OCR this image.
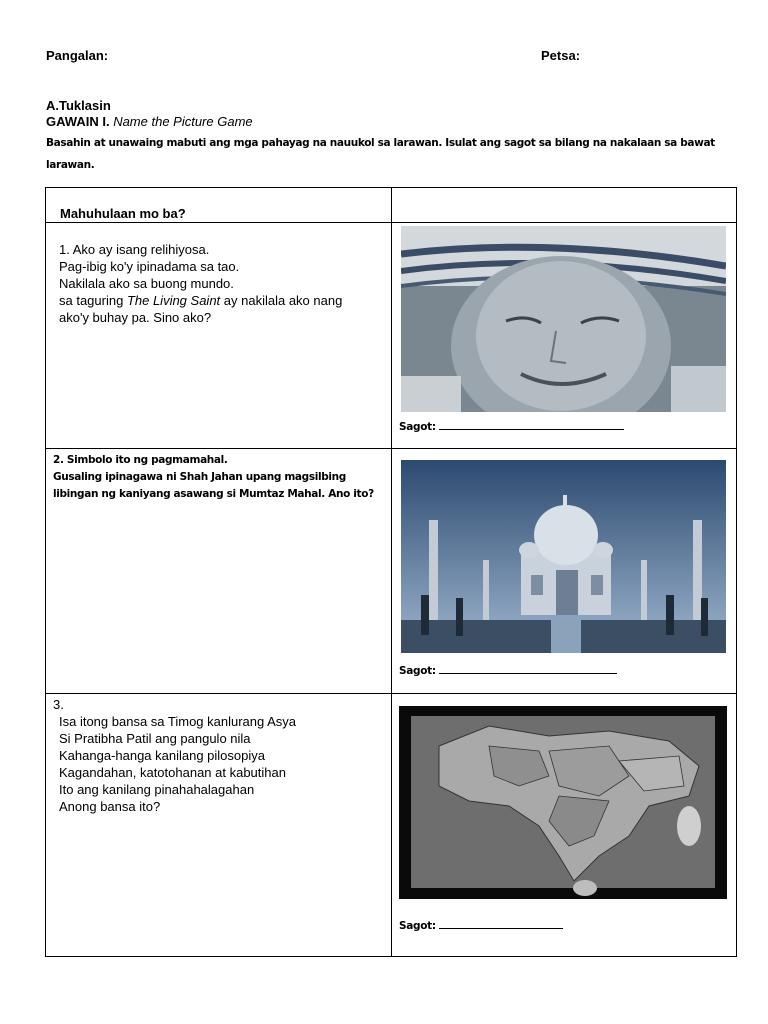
Pangalan:	Petsa:
A.Tuklasin
GAWAIN I. Name the Picture Game
Basahin at unawaing mabuti ang mga pahayag na nauukol sa larawan. Isulat ang sagot sa bilang na nakalaan sa bawat larawan.
Mahuhulaan mo ba?
1. Ako ay isang relihiyosa.
Pag-ibig ko'y ipinadama sa tao.
Nakilala ako sa buong mundo.
sa taguring The Living Saint ay nakilala ako nang
ako'y buhay pa. Sino ako?
Sagot:
2. Simbolo ito ng pagmamahal.
Gusaling ipinagawa ni Shah Jahan upang magsilbing
libingan ng kaniyang asawang si Mumtaz Mahal. Ano ito?
Sagot:
3.
Isa itong bansa sa Timog kanlurang Asya
Si Pratibha Patil ang pangulo nila
Kahanga-hanga kanilang pilosopiya
Kagandahan, katotohanan at kabutihan
Ito ang kanilang pinahahalagahan
Anong bansa ito?
Sagot:
